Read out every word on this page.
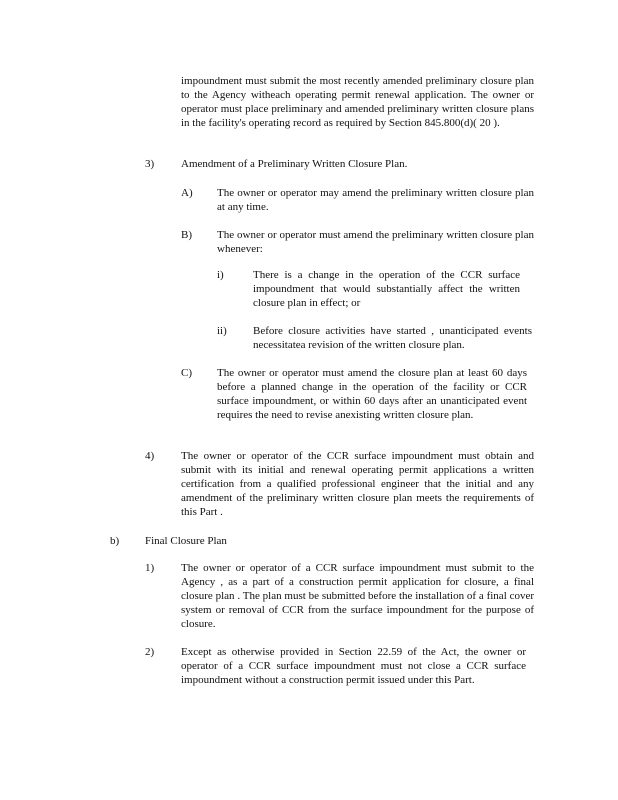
impoundment must submit the most recently amended preliminary closure plan to the Agency witheach operating permit renewal application. The owner or operator must place preliminary and amended preliminary written closure plans in the facility's operating record as required by Section 845.800(d)( 20 ).

3) Amendment of a Preliminary Written Closure Plan.

A) The owner or operator may amend the preliminary written closure plan at any time.

B) The owner or operator must amend the preliminary written closure plan whenever:

i)	There is a change in the operation of the CCR surface impoundment that would substantially affect the written closure plan in effect; or

ii) Before closure activities have started , unanticipated events necessitatea revision of the written closure plan.

C) The owner or operator must amend the closure plan at least 60 days before a planned change in the operation of the facility or CCR surface impoundment, or within 60 days after an unanticipated event requires the need to revise anexisting written closure plan.

4) The owner or operator of the CCR surface impoundment must obtain and submit with its initial and renewal operating permit applications a written certification from a qualified professional engineer that the initial and any amendment of the preliminary written closure plan meets the requirements of this Part .

b) Final Closure Plan

1) The owner or operator of a CCR surface impoundment must submit to the Agency , as a part of a construction permit application for closure, a final closure plan . The plan must be submitted before the installation of a final cover system or removal of CCR from the surface impoundment for the purpose of closure.

2) Except as otherwise provided in Section 22.59 of the Act, the owner or operator of a CCR surface impoundment must not close a CCR surface impoundment without a construction permit issued under this Part.
